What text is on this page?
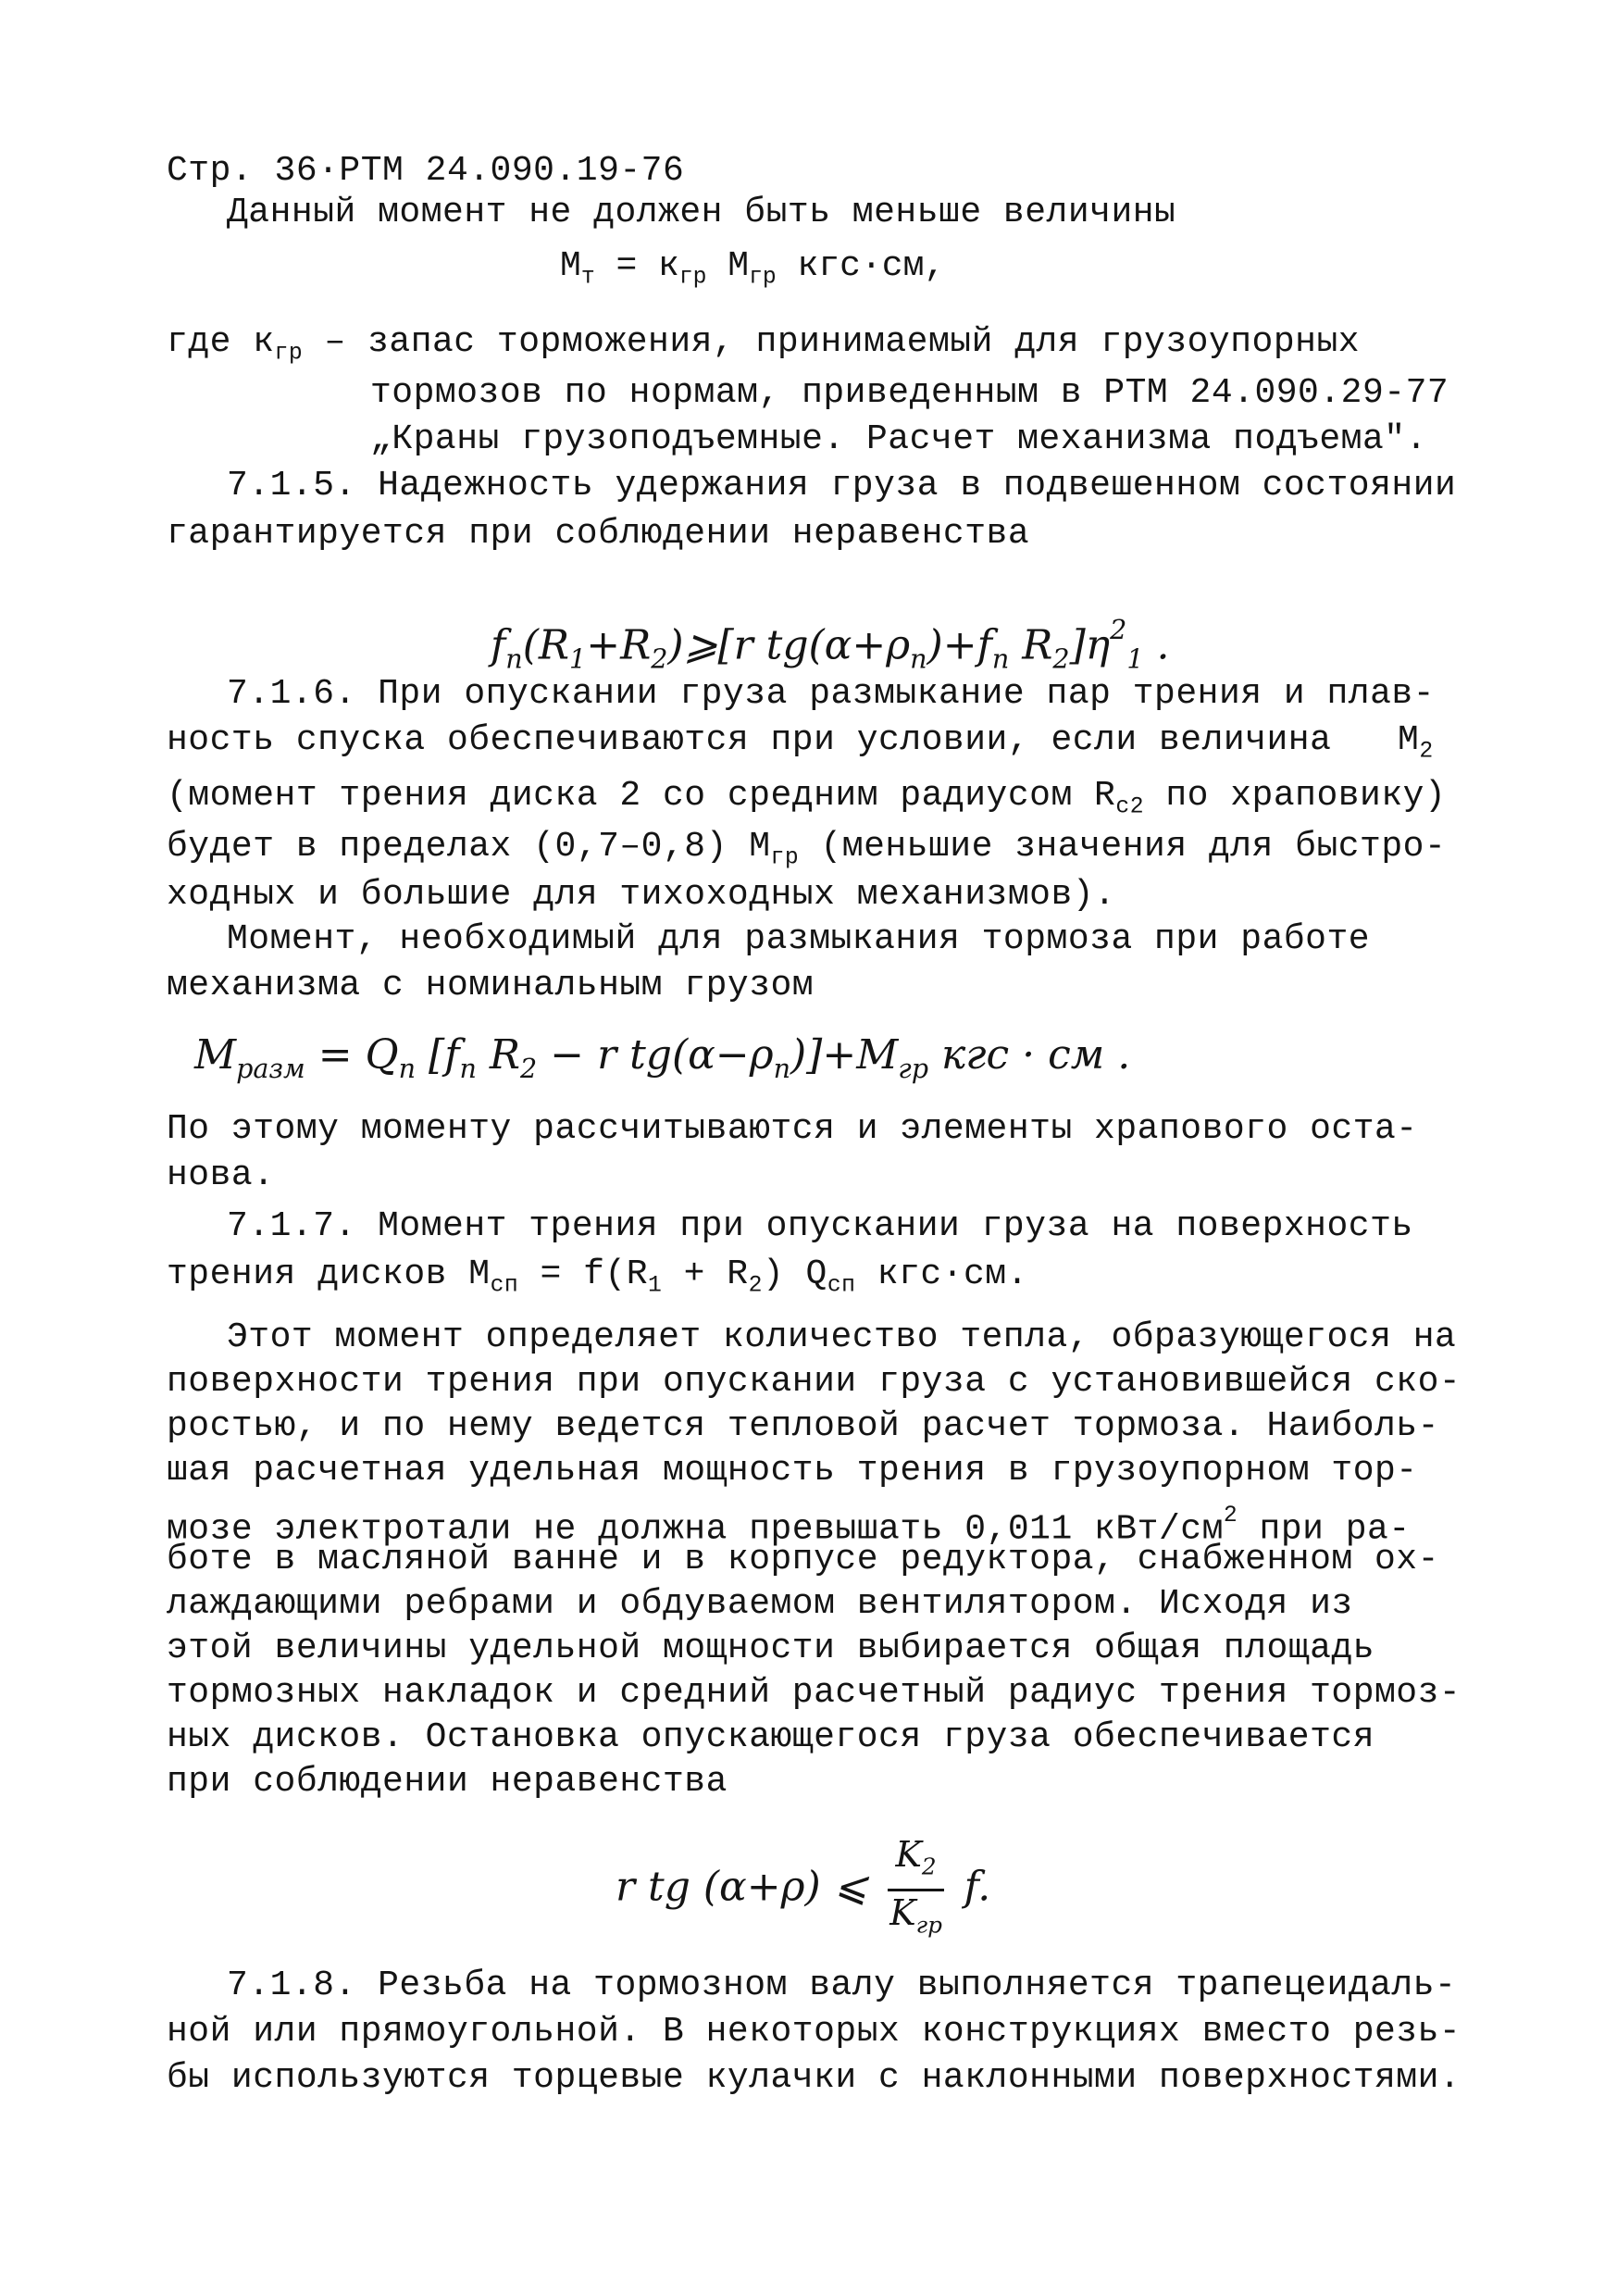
Стр. 36·РТМ 24.090.19-76
Данный момент не должен быть меньше величины
$M_т = к_{гр}$ $M_{гр}$ кгс·см,
где $к_{гр}$ – запас торможения, принимаемый для грузоупорных
тормозов по нормам, приведенным в РТМ 24.090.29-77
„Краны грузоподъемные. Расчет механизма подъема".
7.1.5. Надежность удержания груза в подвешенном состоянии
гарантируется при соблюдении неравенства
$f_п(R_1+R_2)⩾[r$ $tg(\alpha+\rho_п)+f_п$ $R_2]\eta^2_1$ .
7.1.6. При опускании груза размыкание пар трения и плав-
ность спуска обеспечиваются при условии, если величина $M_2$
(момент трения диска 2 со средним радиусом $R_{c2}$ по храповику)
будет в пределах (0,7–0,8) $M_{гр}$ (меньшие значения для быстро-
ходных и большие для тихоходных механизмов).
Момент, необходимый для размыкания тормоза при работе
механизма с номинальным грузом
$M_{разм} = Q_п$ [$f_п$ $R_2 - r$ $tg(\alpha-\rho_п)]+M_{гр}$ кгс · см .
По этому моменту рассчитываются и элементы храпового оста-
нова.
7.1.7. Момент трения при опускании груза на поверхность
трения дисков $M_{сп} = f(R_1 + R_2)$ $Q_{сп}$ кгс·см.
Этот момент определяет количество тепла, образующегося на
поверхности трения при опускании груза с установившейся ско-
ростью, и по нему ведется тепловой расчет тормоза. Наиболь-
шая расчетная удельная мощность трения в грузоупорном тор-
мозе электротали не должна превышать 0,011 кВт/$см^2$ при ра-
боте в масляной ванне и в корпусе редуктора, снабженном ох-
лаждающими ребрами и обдуваемом вентилятором. Исходя из
этой величины удельной мощности выбирается общая площадь
тормозных накладок и средний расчетный радиус трения тормоз-
ных дисков. Остановка опускающегося груза обеспечивается
при соблюдении неравенства
r tg (α+ρ) ⩽ $\frac{K_2}{K_{гр}} f$.
7.1.8. Резьба на тормозном валу выполняется трапецеидаль-
ной или прямоугольной. В некоторых конструкциях вместо резь-
бы используются торцевые кулачки с наклонными поверхностями.
